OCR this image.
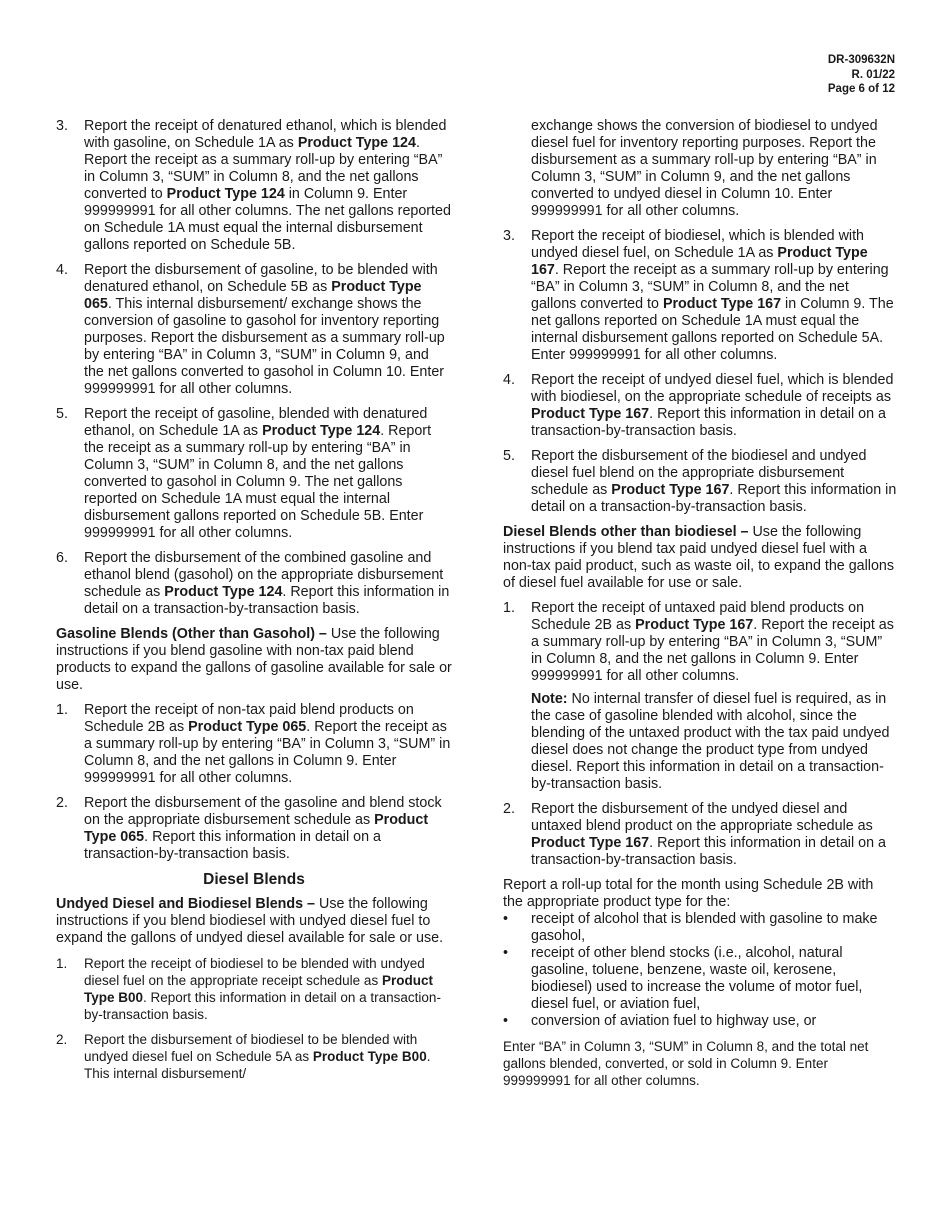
DR-309632N
R. 01/22
Page 6 of 12
3.	Report the receipt of denatured ethanol, which is blended with gasoline, on Schedule 1A as Product Type 124. Report the receipt as a summary roll-up by entering “BA” in Column 3, “SUM” in Column 8, and the net gallons converted to Product Type 124 in Column 9. Enter 999999991 for all other columns. The net gallons reported on Schedule 1A must equal the internal disbursement gallons reported on Schedule 5B.
4.	Report the disbursement of gasoline, to be blended with denatured ethanol, on Schedule 5B as Product Type 065. This internal disbursement/ exchange shows the conversion of gasoline to gasohol for inventory reporting purposes. Report the disbursement as a summary roll-up by entering “BA” in Column 3, “SUM” in Column 9, and the net gallons converted to gasohol in Column 10. Enter 999999991 for all other columns.
5.	Report the receipt of gasoline, blended with denatured ethanol, on Schedule 1A as Product Type 124. Report the receipt as a summary roll-up by entering “BA” in Column 3, “SUM” in Column 8, and the net gallons converted to gasohol in Column 9. The net gallons reported on Schedule 1A must equal the internal disbursement gallons reported on Schedule 5B. Enter 999999991 for all other columns.
6.	Report the disbursement of the combined gasoline and ethanol blend (gasohol) on the appropriate disbursement schedule as Product Type 124. Report this information in detail on a transaction-by-transaction basis.
Gasoline Blends (Other than Gasohol) – Use the following instructions if you blend gasoline with non-tax paid blend products to expand the gallons of gasoline available for sale or use.
1.	Report the receipt of non-tax paid blend products on Schedule 2B as Product Type 065. Report the receipt as a summary roll-up by entering “BA” in Column 3, “SUM” in Column 8, and the net gallons in Column 9. Enter 999999991 for all other columns.
2.	Report the disbursement of the gasoline and blend stock on the appropriate disbursement schedule as Product Type 065. Report this information in detail on a transaction-by-transaction basis.
Diesel Blends
Undyed Diesel and Biodiesel Blends – Use the following instructions if you blend biodiesel with undyed diesel fuel to expand the gallons of undyed diesel available for sale or use.
1.	Report the receipt of biodiesel to be blended with undyed diesel fuel on the appropriate receipt schedule as Product Type B00. Report this information in detail on a transaction-by-transaction basis.
2.	Report the disbursement of biodiesel to be blended with undyed diesel fuel on Schedule 5A as Product Type B00. This internal disbursement/
exchange shows the conversion of biodiesel to undyed diesel fuel for inventory reporting purposes. Report the disbursement as a summary roll-up by entering “BA” in Column 3, “SUM” in Column 9, and the net gallons converted to undyed diesel in Column 10. Enter 999999991 for all other columns.
3.	Report the receipt of biodiesel, which is blended with undyed diesel fuel, on Schedule 1A as Product Type 167. Report the receipt as a summary roll-up by entering “BA” in Column 3, “SUM” in Column 8, and the net gallons converted to Product Type 167 in Column 9. The net gallons reported on Schedule 1A must equal the internal disbursement gallons reported on Schedule 5A. Enter 999999991 for all other columns.
4.	Report the receipt of undyed diesel fuel, which is blended with biodiesel, on the appropriate schedule of receipts as Product Type 167. Report this information in detail on a transaction-by-transaction basis.
5.	Report the disbursement of the biodiesel and undyed diesel fuel blend on the appropriate disbursement schedule as Product Type 167. Report this information in detail on a transaction-by-transaction basis.
Diesel Blends other than biodiesel – Use the following instructions if you blend tax paid undyed diesel fuel with a non-tax paid product, such as waste oil, to expand the gallons of diesel fuel available for use or sale.
1.	Report the receipt of untaxed paid blend products on Schedule 2B as Product Type 167. Report the receipt as a summary roll-up by entering “BA” in Column 3, “SUM” in Column 8, and the net gallons in Column 9. Enter 999999991 for all other columns.
Note: No internal transfer of diesel fuel is required, as in the case of gasoline blended with alcohol, since the blending of the untaxed product with the tax paid undyed diesel does not change the product type from undyed diesel. Report this information in detail on a transaction-by-transaction basis.
2.	Report the disbursement of the undyed diesel and untaxed blend product on the appropriate schedule as Product Type 167. Report this information in detail on a transaction-by-transaction basis.
Report a roll-up total for the month using Schedule 2B with the appropriate product type for the:
•	receipt of alcohol that is blended with gasoline to make gasohol,
•	receipt of other blend stocks (i.e., alcohol, natural gasoline, toluene, benzene, waste oil, kerosene, biodiesel) used to increase the volume of motor fuel, diesel fuel, or aviation fuel,
•	conversion of aviation fuel to highway use, or
Enter “BA” in Column 3, “SUM” in Column 8, and the total net gallons blended, converted, or sold in Column 9. Enter 999999991 for all other columns.
